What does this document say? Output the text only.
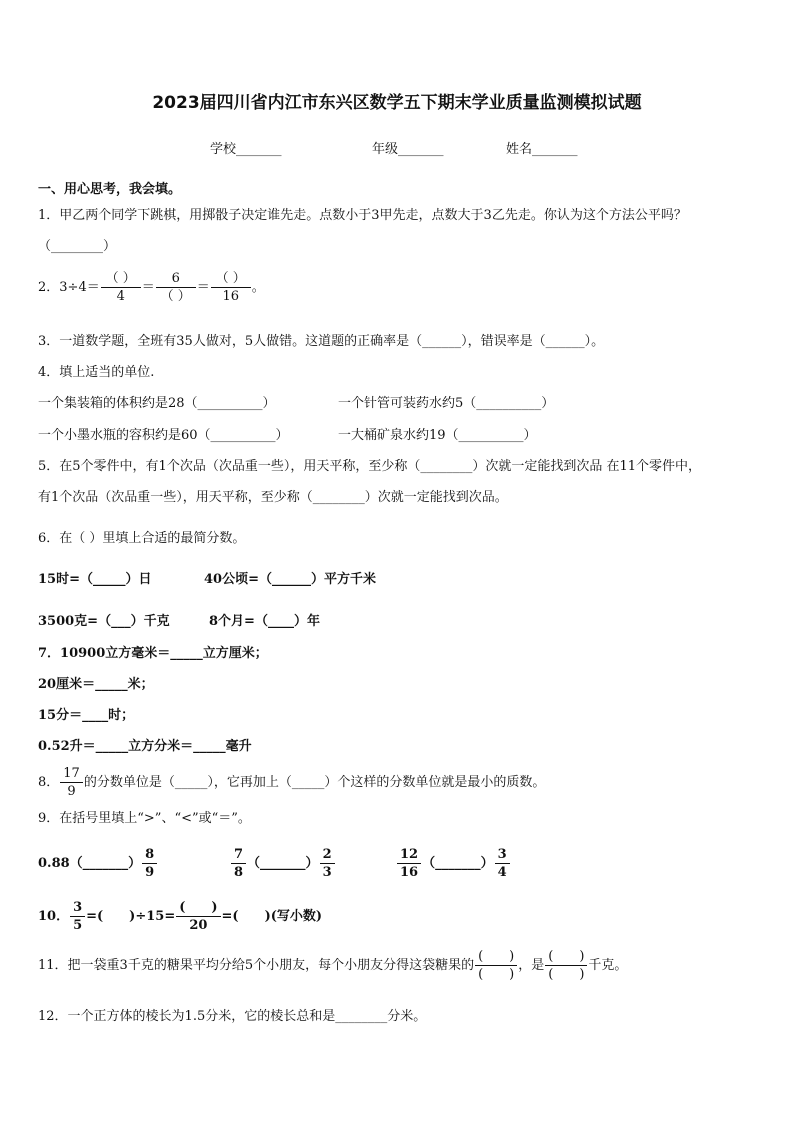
2023届四川省内江市东兴区数学五下期末学业质量监测模拟试题
学校_______	年级_______	姓名_______
一、用心思考，我会填。
1．甲乙两个同学下跳棋，用掷骰子决定谁先走。点数小于3甲先走，点数大于3乙先走。你认为这个方法公平吗？
（________）
2．$3\div 4= \frac{( )}{4} = \frac{6}{( )} = \frac{( )}{16}$ 。
3．一道数学题，全班有35人做对，5人做错。这道题的正确率是（______），错误率是（______）。
4．填上适当的单位.
一个集装箱的体积约是28（__________）	一个针管可装药水约5（__________）
一个小墨水瓶的容积约是60（__________）	一大桶矿泉水约19（__________）
5．在5个零件中，有1个次品（次品重一些），用天平称，至少称（________）次就一定能找到次品 在11个零件中，
有1个次品（次品重一些），用天平称，至少称（________）次就一定能找到次品。
6．在（ ）里填上合适的最简分数。
15时=（_____）日	40公顷=（______）平方千米
3500克=（___）千克	8个月=（____）年
7．10900立方毫米＝_____立方厘米；
20厘米＝_____米；
15分＝____时；
0.52升＝_____立方分米＝_____毫升
8． $\frac{17}{9}$ 的分数单位是（_____），它再加上（_____）个这样的分数单位就是最小的质数。
9．在括号里填上“>”、“<”或“＝”。
0.88（_______） $\frac{8}{9}$	$\frac{7}{8}$ （_______） $\frac{2}{3}$	$\frac{12}{16}$ （_______） $\frac{3}{4}$
10． $\frac{3}{5}$ =(　　)$\div 15= \frac{( )}{20}$ =(　　)(写小数)
11．把一袋重3千克的糖果平均分给5个小朋友，每个小朋友分得这袋糖果的 $\frac{( )}{( )}$ ，是 $\frac{( )}{( )}$ 千克。
12．一个正方体的棱长为1.5分米，它的棱长总和是________分米。
